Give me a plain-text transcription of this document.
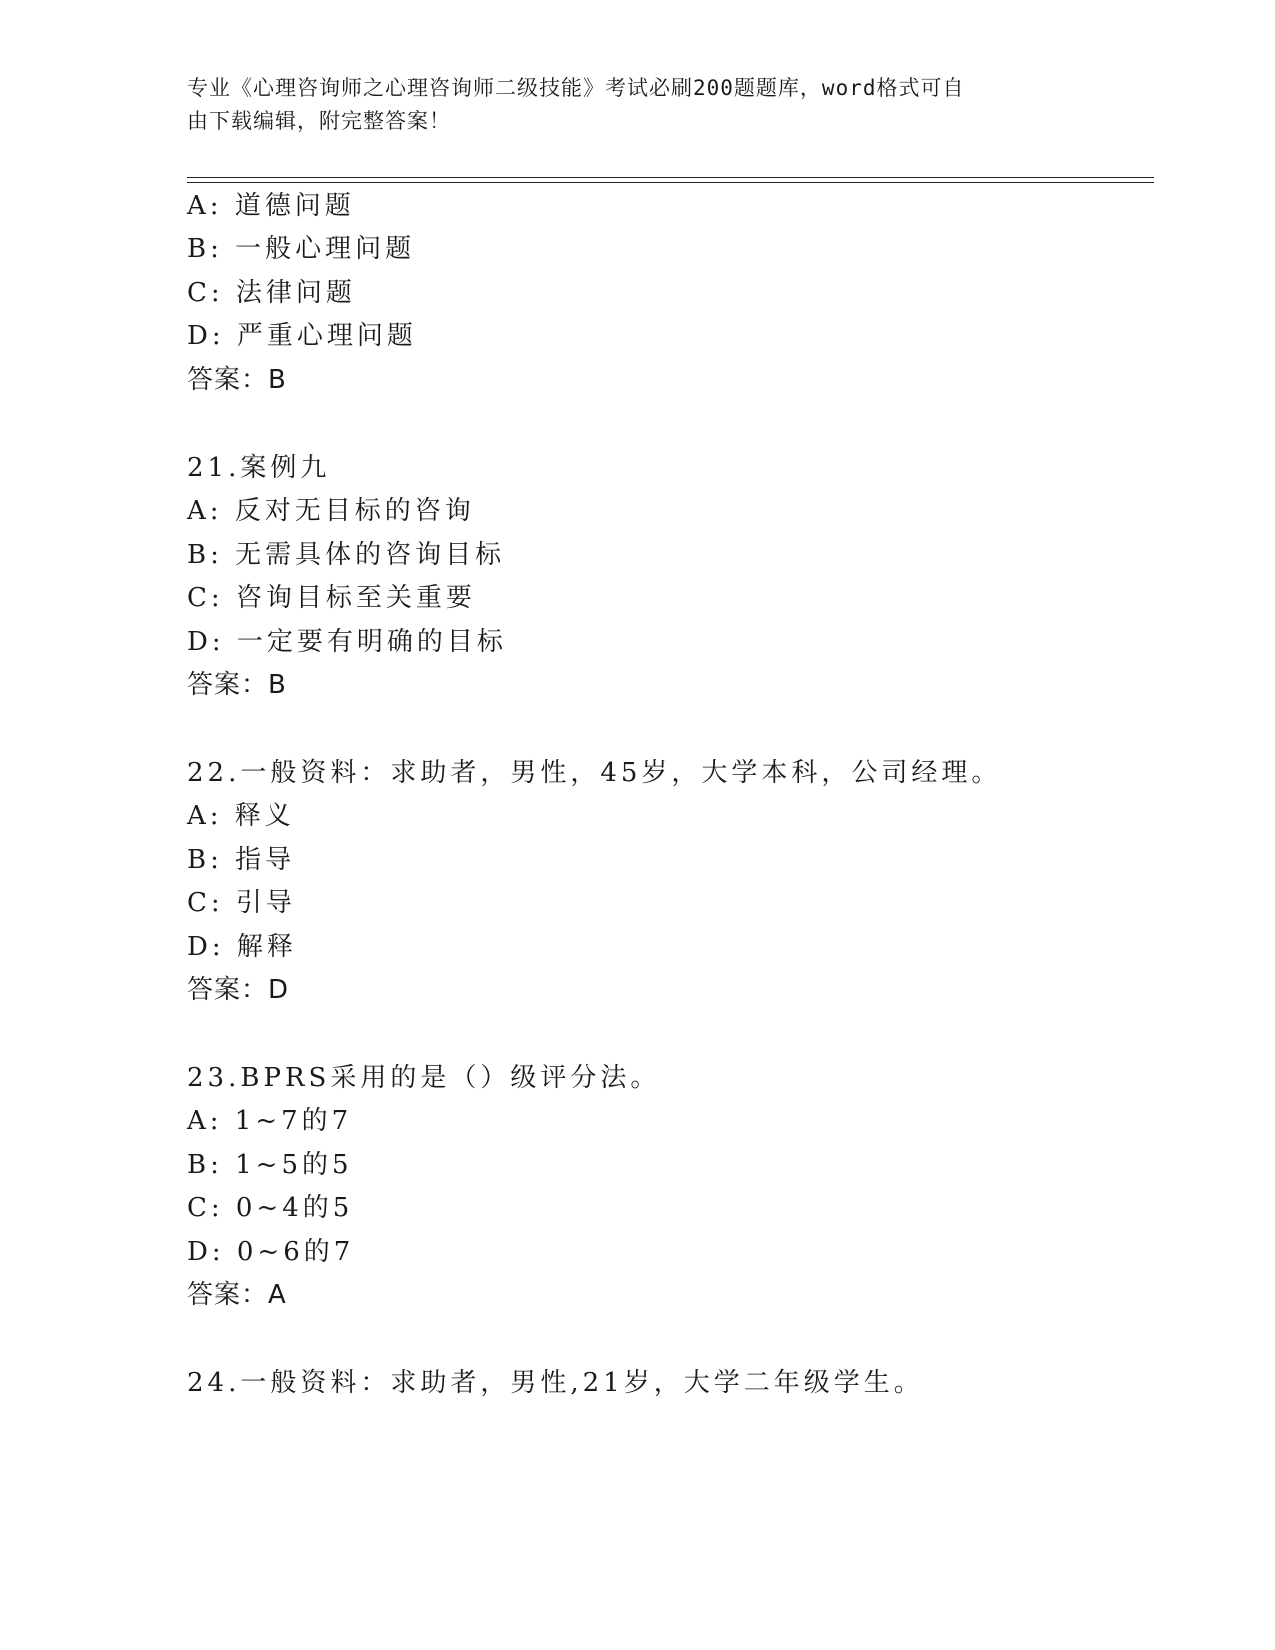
专业《心理咨询师之心理咨询师二级技能》考试必刷200题题库，word格式可自
由下载编辑，附完整答案！
A: 道德问题
B: 一般心理问题
C: 法律问题
D: 严重心理问题
答案：B
21.案例九
A: 反对无目标的咨询
B: 无需具体的咨询目标
C: 咨询目标至关重要
D: 一定要有明确的目标
答案：B
22.一般资料：求助者，男性，45岁，大学本科，公司经理。
A: 释义
B: 指导
C: 引导
D: 解释
答案：D
23.BPRS采用的是（）级评分法。
A: 1~7的7
B: 1~5的5
C: 0~4的5
D: 0~6的7
答案：A
24.一般资料：求助者，男性,21岁，大学二年级学生。
